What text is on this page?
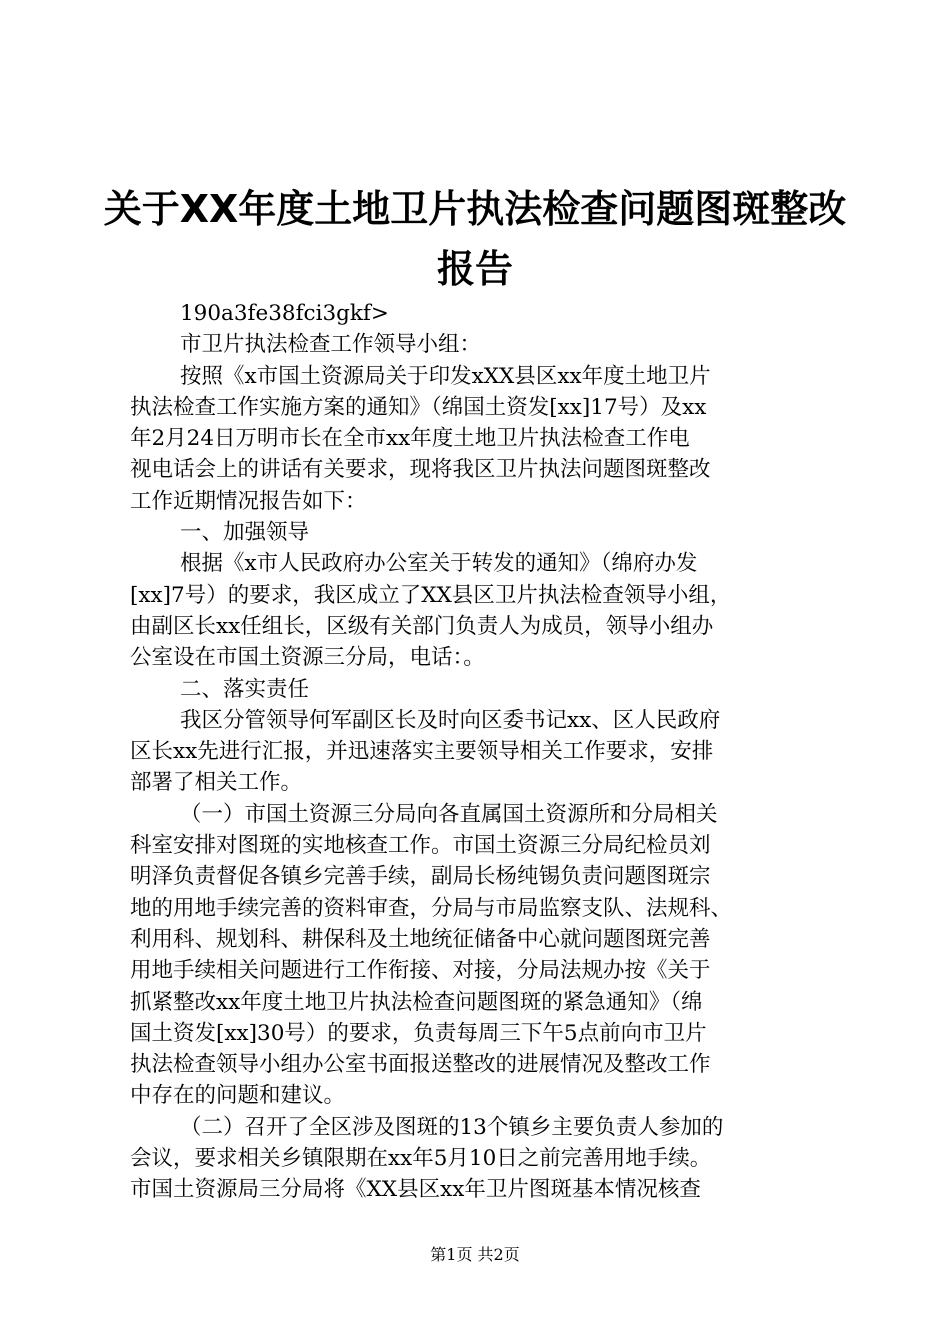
关于XX年度土地卫片执法检查问题图斑整改
报告

190a3fe38fci3gkf>

市卫片执法检查工作领导小组：

按照《x市国土资源局关于印发xXX县区xx年度土地卫片

执法检查工作实施方案的通知》（绵国土资发[xx]17号）及xx

年2月24日万明市长在全市xx年度土地卫片执法检查工作电

视电话会上的讲话有关要求，现将我区卫片执法问题图斑整改

工作近期情况报告如下：

一、加强领导

根据《x市人民政府办公室关于转发的通知》（绵府办发

[xx]7号）的要求，我区成立了XX县区卫片执法检查领导小组，

由副区长xx任组长，区级有关部门负责人为成员，领导小组办

公室设在市国土资源三分局，电话：。

二、落实责任

我区分管领导何军副区长及时向区委书记xx、区人民政府

区长xx先进行汇报，并迅速落实主要领导相关工作要求，安排

部署了相关工作。

（一）市国土资源三分局向各直属国土资源所和分局相关

科室安排对图斑的实地核查工作。市国土资源三分局纪检员刘

明泽负责督促各镇乡完善手续，副局长杨纯锡负责问题图斑宗

地的用地手续完善的资料审查，分局与市局监察支队、法规科、

利用科、规划科、耕保科及土地统征储备中心就问题图斑完善

用地手续相关问题进行工作衔接、对接，分局法规办按《关于

抓紧整改xx年度土地卫片执法检查问题图斑的紧急通知》（绵

国土资发[xx]30号）的要求，负责每周三下午5点前向市卫片

执法检查领导小组办公室书面报送整改的进展情况及整改工作

中存在的问题和建议。

（二）召开了全区涉及图斑的13个镇乡主要负责人参加的

会议，要求相关乡镇限期在xx年5月10日之前完善用地手续。

市国土资源局三分局将《XX县区xx年卫片图斑基本情况核查

第1页 共2页
